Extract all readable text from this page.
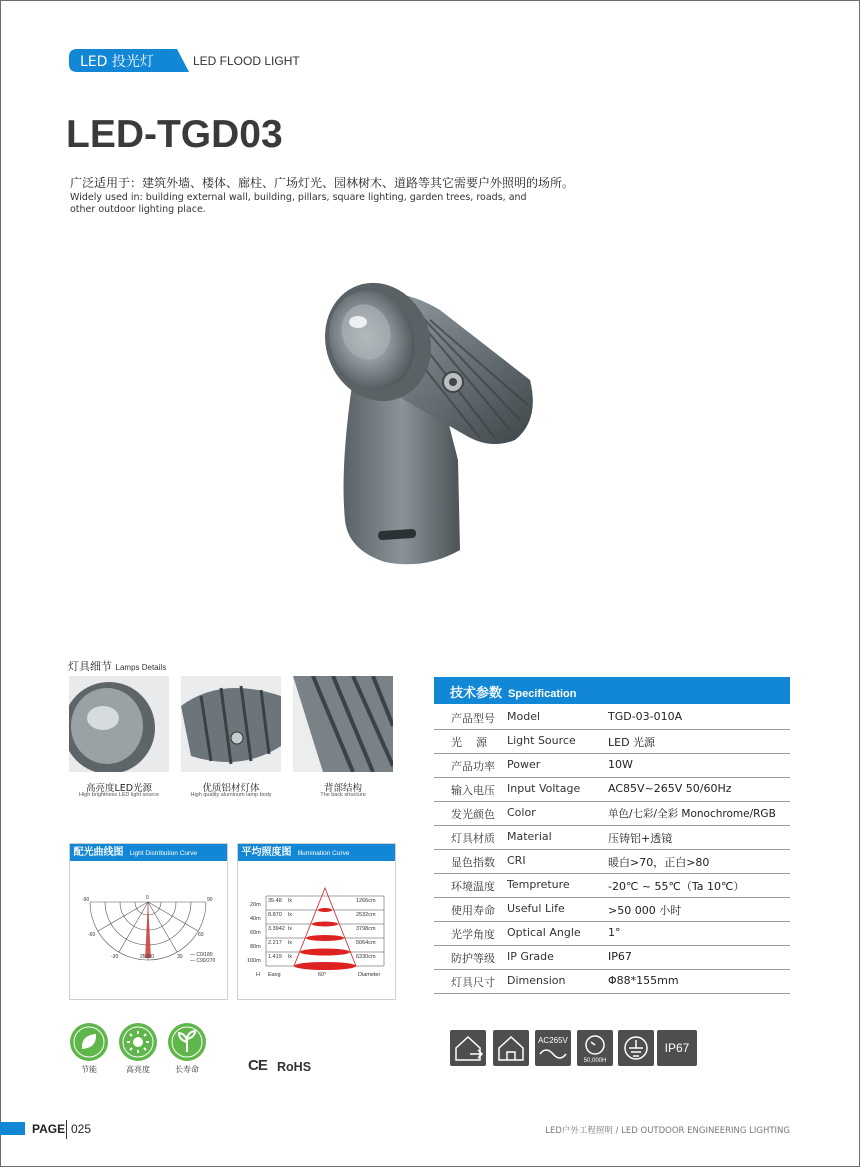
LED 投光灯	LED FLOOD LIGHT
LED-TGD03
广泛适用于：建筑外墙、楼体、廊柱、广场灯光、园林树木、道路等其它需要户外照明的场所。
Widely used in: building external wall, building, pillars, square lighting, garden trees, roads, and other outdoor lighting place.
灯具细节 Lamps Details
高亮度LED光源
High brightness LED light source
优质铝材灯体
High quality aluminum lamp body
背部结构
The back structure
配光曲线图 Light Distribution Curve
-90	0	90
-60	60
-30	30
25000	— C0/180
— C90/270
平均照度图 Illumination Curve
20m
40m
60m
80m
100m
35.48
8.870
3.3942
2.217
1.419
lx
lx
lx
lx
lx
1266cm
2532cm
3798cm
5064cm
6330cm
H Eavg	60°	Diameter
节能	高亮度	长寿命	CE RoHS
技术参数 Specification
产品型号 Model	TGD-03-010A
光    源 Light Source	LED 光源
产品功率 Power	10W
输入电压 Input Voltage	AC85V~265V 50/60Hz
发光颜色 Color	单色/七彩/全彩 Monochrome/RGB
灯具材质 Material	压铸铝+透镜
显色指数 CRI	暖白>70，正白>80
环境温度 Tempreture	-20℃ ~ 55℃（Ta 10℃）
使用寿命 Useful Life	>50 000 小时
光学角度 Optical Angle 1°
防护等级 IP Grade	IP67
灯具尺寸 Dimension	Φ88*155mm
AC265V
50,000H
IP67
PAGE 025	LED户外工程照明 / LED OUTDOOR ENGINEERING LIGHTING
